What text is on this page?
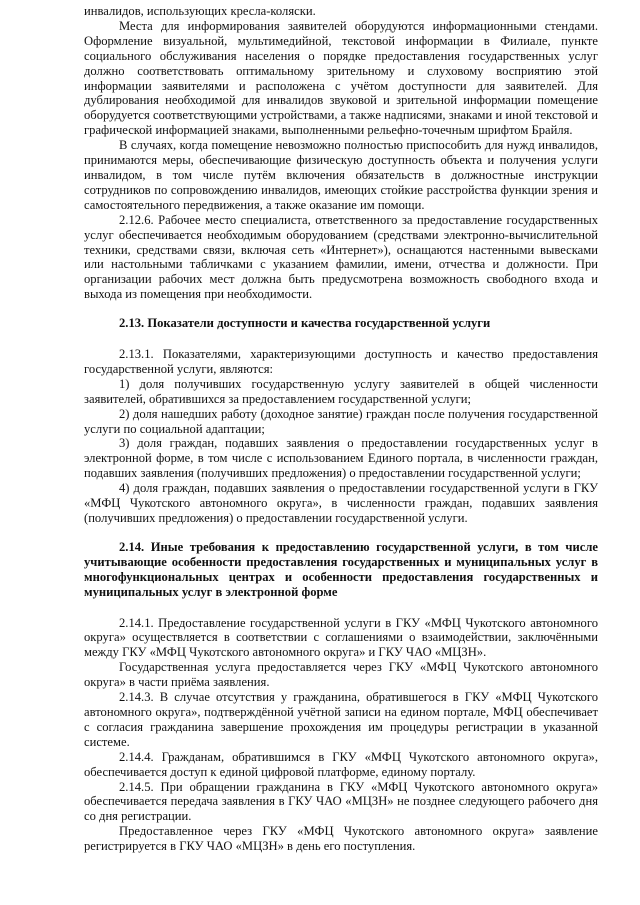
инвалидов, использующих кресла-коляски.

Места для информирования заявителей оборудуются информационными стендами. Оформление визуальной, мультимедийной, текстовой информации в Филиале, пункте социального обслуживания населения о порядке предоставления государственных услуг должно соответствовать оптимальному зрительному и слуховому восприятию этой информации заявителями и расположена с учётом доступности для заявителей. Для дублирования необходимой для инвалидов звуковой и зрительной информации помещение оборудуется соответствующими устройствами, а также надписями, знаками и иной текстовой и графической информацией знаками, выполненными рельефно-точечным шрифтом Брайля.

В случаях, когда помещение невозможно полностью приспособить для нужд инвалидов, принимаются меры, обеспечивающие физическую доступность объекта и получения услуги инвалидом, в том числе путём включения обязательств в должностные инструкции сотрудников по сопровождению инвалидов, имеющих стойкие расстройства функции зрения и самостоятельного передвижения, а также оказание им помощи.

2.12.6. Рабочее место специалиста, ответственного за предоставление государственных услуг обеспечивается необходимым оборудованием (средствами электронно-вычислительной техники, средствами связи, включая сеть «Интернет»), оснащаются настенными вывесками или настольными табличками с указанием фамилии, имени, отчества и должности. При организации рабочих мест должна быть предусмотрена возможность свободного входа и выхода из помещения при необходимости.

2.13. Показатели доступности и качества государственной услуги

2.13.1. Показателями, характеризующими доступность и качество предоставления государственной услуги, являются:

1) доля получивших государственную услугу заявителей в общей численности заявителей, обратившихся за предоставлением государственной услуги;

2) доля нашедших работу (доходное занятие) граждан после получения государственной услуги по социальной адаптации;

3) доля граждан, подавших заявления о предоставлении государственных услуг в электронной форме, в том числе с использованием Единого портала, в численности граждан, подавших заявления (получивших предложения) о предоставлении государственной услуги;

4) доля граждан, подавших заявления о предоставлении государственной услуги в ГКУ «МФЦ Чукотского автономного округа», в численности граждан, подавших заявления (получивших предложения) о предоставлении государственной услуги.

2.14. Иные требования к предоставлению государственной услуги, в том числе учитывающие особенности предоставления государственных и муниципальных услуг в многофункциональных центрах и особенности предоставления государственных и муниципальных услуг в электронной форме

2.14.1. Предоставление государственной услуги в ГКУ «МФЦ Чукотского автономного округа» осуществляется в соответствии с соглашениями о взаимодействии, заключёнными между ГКУ «МФЦ Чукотского автономного округа» и ГКУ ЧАО «МЦЗН».

Государственная услуга предоставляется через ГКУ «МФЦ Чукотского автономного округа» в части приёма заявления.

2.14.3. В случае отсутствия у гражданина, обратившегося в ГКУ «МФЦ Чукотского автономного округа», подтверждённой учётной записи на едином портале, МФЦ обеспечивает с согласия гражданина завершение прохождения им процедуры регистрации в указанной системе.

2.14.4. Гражданам, обратившимся в ГКУ «МФЦ Чукотского автономного округа», обеспечивается доступ к единой цифровой платформе, единому порталу.

2.14.5. При обращении гражданина в ГКУ «МФЦ Чукотского автономного округа» обеспечивается передача заявления в ГКУ ЧАО «МЦЗН» не позднее следующего рабочего дня со дня регистрации.

Предоставленное через ГКУ «МФЦ Чукотского автономного округа» заявление регистрируется в ГКУ ЧАО «МЦЗН» в день его поступления.
